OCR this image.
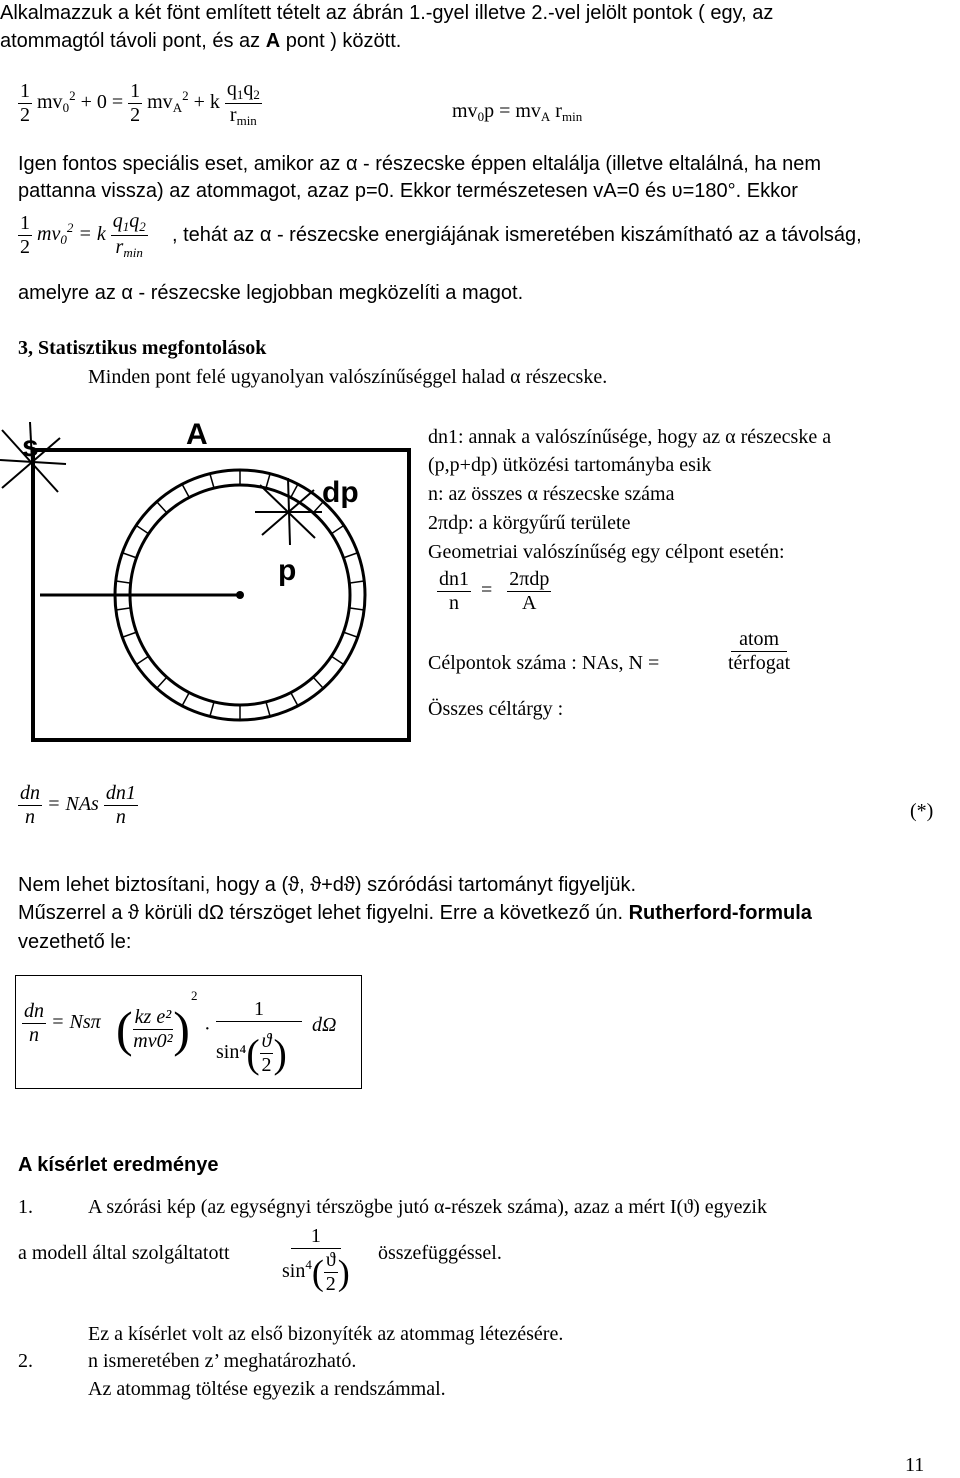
Alkalmazzuk a két fönt említett tételt az ábrán 1.-gyel illetve 2.-vel jelölt pontok ( egy, az
atommagtól távoli pont, és az A pont ) között.
$\frac{1}{2} mv_0^2 + 0 = \frac{1}{2} mv_A^2 + k \frac{q_1q_2}{r_{min}}$	$mv_0p = mv_A$ $r_{min}$
Igen fontos speciális eset, amikor az α - részecske éppen eltalálja (illetve eltalálná, ha nem
pattanna vissza) az atommagot, azaz p=0. Ekkor természetesen vA=0 és υ=180°. Ekkor
$\frac{1}{2} mv_0^2 = k \frac{q_1q_2}{r_{min}}$ , tehát az α - részecske energiájának ismeretében kiszámítható az a távolság,
amelyre az α - részecske legjobban megközelíti a magot.
3, Statisztikus megfontolások
Minden pont felé ugyanolyan valószínűséggel halad α részecske.
s	A
dp
p
dn1: annak a valószínűsége, hogy az α részecske a
(p,p+dp) ütközési tartományba esik
n: az összes α részecske száma
2πdp: a körgyűrű területe
Geometriai valószínűség egy célpont esetén:
$\frac{dn1}{n} = \frac{\text{2πdp}}{A}$
Célpontok száma : NAs, N =	$\frac{\text{atom}}{\text{térfogat}}$
Összes céltárgy :
$\frac{dn}{n}$ = NAs $\frac{dn1}{n}$	(*)
Nem lehet biztosítani, hogy a (ϑ, ϑ+dϑ) szóródási tartományt figyeljük.
Műszerrel a ϑ körüli dΩ térszöget lehet figyelni. Erre a következő ún. Rutherford-formula
vezethető le:
$\frac{dn}{n} = Ns\pi$ ( $\frac{\text{kz e²}}{\text{mv0²}}$ )
2
·
1
$\sin^4( \frac{ϑ}{2}$ )
dΩ
A kísérlet eredménye
1.	A szórási kép (az egységnyi térszögbe jutó α-részek száma), azaz a mért I(ϑ) egyezik
a modell által szolgáltatott	$\frac{1}{\sin^4( \frac{ϑ}{2} )}$ összefüggéssel.
Ez a kísérlet volt az első bizonyíték az atommag létezésére.
2.	n ismeretében z’ meghatározható.
Az atommag töltése egyezik a rendszámmal.
11
